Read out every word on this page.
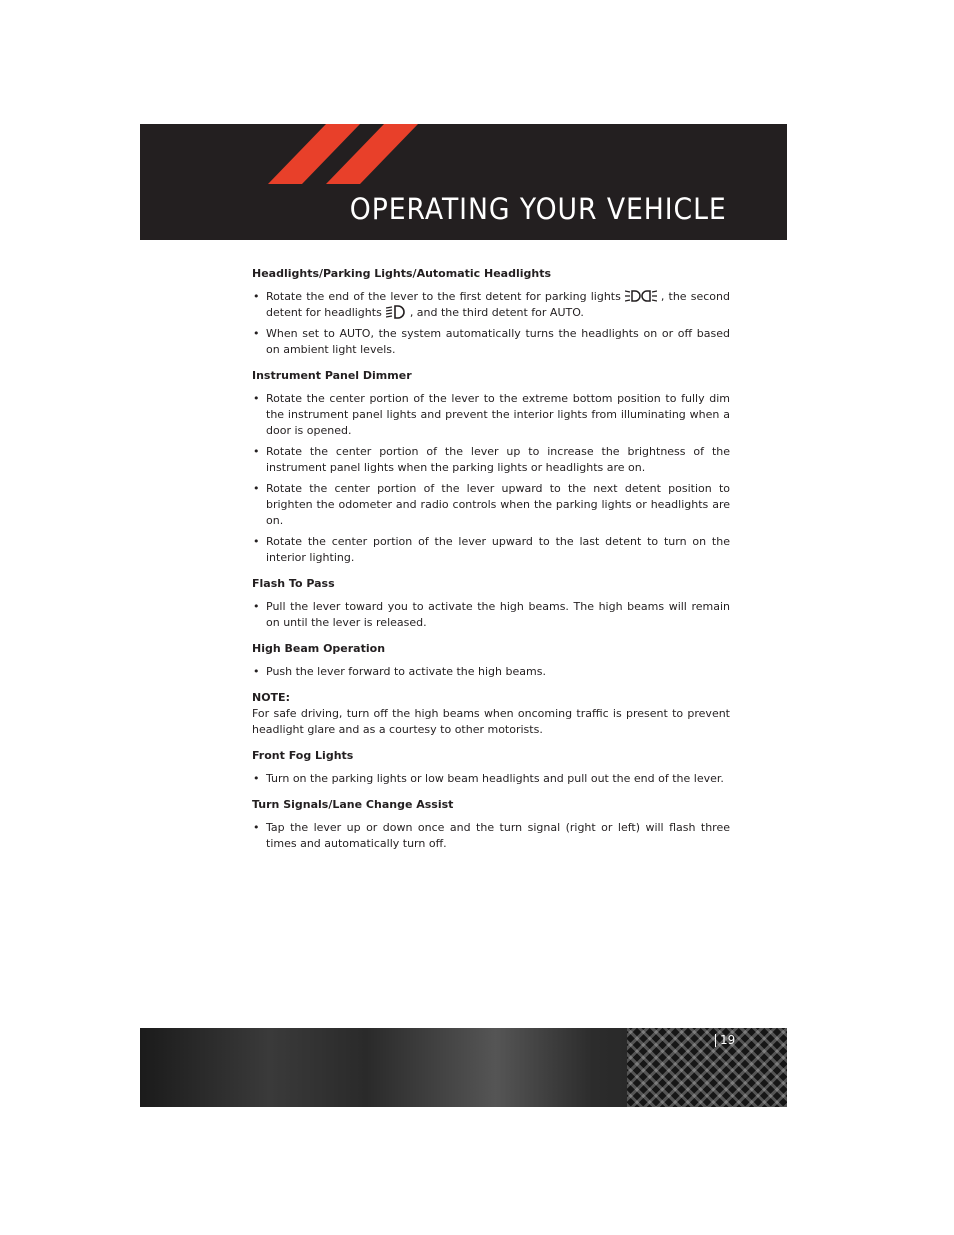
OPERATING YOUR VEHICLE
Headlights/Parking Lights/Automatic Headlights
• Rotate the end of the lever to the first detent for parking lights	, the second detent for headlights	, and the third detent for AUTO.
• When set to AUTO, the system automatically turns the headlights on or off based on ambient light levels.
Instrument Panel Dimmer
• Rotate the center portion of the lever to the extreme bottom position to fully dim the instrument panel lights and prevent the interior lights from illuminating when a door is opened.
• Rotate the center portion of the lever up to increase the brightness of the instrument panel lights when the parking lights or headlights are on.
• Rotate the center portion of the lever upward to the next detent position to brighten the odometer and radio controls when the parking lights or headlights are on.
• Rotate the center portion of the lever upward to the last detent to turn on the interior lighting.
Flash To Pass
• Pull the lever toward you to activate the high beams. The high beams will remain on until the lever is released.
High Beam Operation
• Push the lever forward to activate the high beams.

NOTE:

For safe driving, turn off the high beams when oncoming traffic is present to prevent headlight glare and as a courtesy to other motorists.

Front Fog Lights
• Turn on the parking lights or low beam headlights and pull out the end of the lever.
Turn Signals/Lane Change Assist
• Tap the lever up or down once and the turn signal (right or left) will flash three times and automatically turn off.
19
